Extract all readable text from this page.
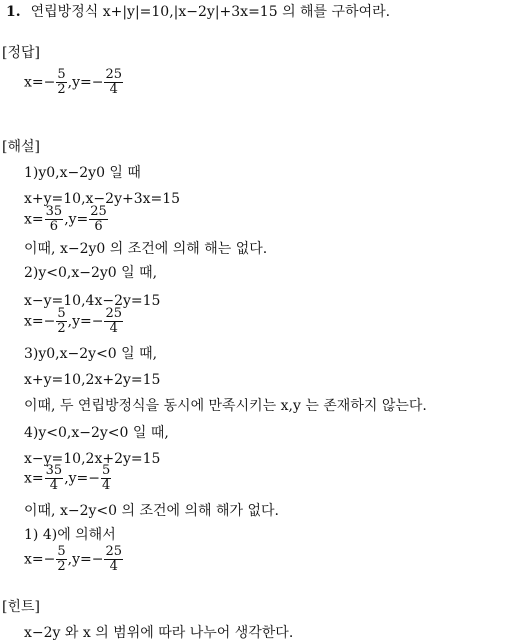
1. 연립방정식 x+|y|=10,|x−2y|+3x=15 의 해를 구하여라.
[정답]
$x=- \frac{5}{2} ,y=- \frac{25}{4}$
[해설]
1)y0,x−2y0 일 때
x+y=10,x−2y+3x=15
$x= \frac{35}{6} ,y= \frac{25}{6}$
이때, x−2y0 의 조건에 의해 해는 없다.
2)y<0,x−2y0 일 때,
x−y=10,4x−2y=15
$x=- \frac{5}{2} ,y=- \frac{25}{4}$
3)y0,x−2y<0 일 때,
x+y=10,2x+2y=15
이때, 두 연립방정식을 동시에 만족시키는 x,y 는 존재하지 않는다.
4)y<0,x−2y<0 일 때,
x−y=10,2x+2y=15
$x= \frac{35}{4} ,y=- \frac{5}{4}$
이때, x−2y<0 의 조건에 의해 해가 없다.
1) 4)에 의해서
$x=- \frac{5}{2} ,y=- \frac{25}{4}$
[힌트]
x−2y 와 x 의 범위에 따라 나누어 생각한다.
